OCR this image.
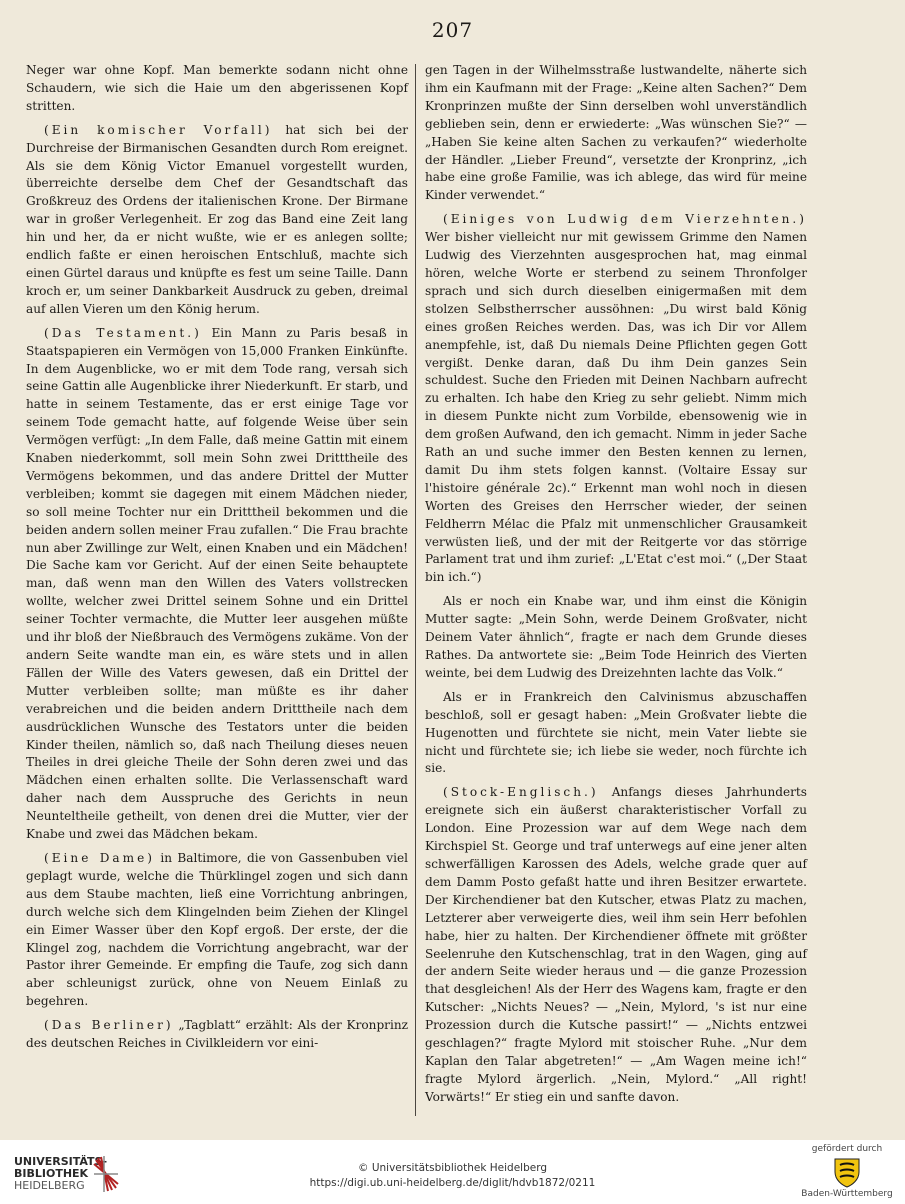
207

Neger war ohne Kopf. Man bemerkte sodann nicht ohne Schaudern, wie sich die Haie um den abgerissenen Kopf stritten.

(Ein komischer Vorfall) hat sich bei der Durchreise der Birmanischen Gesandten durch Rom ereignet. Als sie dem König Victor Emanuel vorgestellt wurden, überreichte derselbe dem Chef der Gesandtschaft das Großkreuz des Ordens der italienischen Krone. Der Birmane war in großer Verlegenheit. Er zog das Band eine Zeit lang hin und her, da er nicht wußte, wie er es anlegen sollte; endlich faßte er einen heroischen Entschluß, machte sich einen Gürtel daraus und knüpfte es fest um seine Taille. Dann kroch er, um seiner Dankbarkeit Ausdruck zu geben, dreimal auf allen Vieren um den König herum.

(Das Testament.) Ein Mann zu Paris besaß in Staatspapieren ein Vermögen von 15,000 Franken Einkünfte. In dem Augenblicke, wo er mit dem Tode rang, versah sich seine Gattin alle Augenblicke ihrer Niederkunft. Er starb, und hatte in seinem Testamente, das er erst einige Tage vor seinem Tode gemacht hatte, auf folgende Weise über sein Vermögen verfügt: „In dem Falle, daß meine Gattin mit einem Knaben niederkommt, soll mein Sohn zwei Dritttheile des Vermögens bekommen, und das andere Drittel der Mutter verbleiben; kommt sie dagegen mit einem Mädchen nieder, so soll meine Tochter nur ein Dritttheil bekommen und die beiden andern sollen meiner Frau zufallen.“ Die Frau brachte nun aber Zwillinge zur Welt, einen Knaben und ein Mädchen! Die Sache kam vor Gericht. Auf der einen Seite behauptete man, daß wenn man den Willen des Vaters vollstrecken wollte, welcher zwei Drittel seinem Sohne und ein Drittel seiner Tochter vermachte, die Mutter leer ausgehen müßte und ihr bloß der Nießbrauch des Vermögens zukäme. Von der andern Seite wandte man ein, es wäre stets und in allen Fällen der Wille des Vaters gewesen, daß ein Drittel der Mutter verbleiben sollte; man müßte es ihr daher verabreichen und die beiden andern Dritttheile nach dem ausdrücklichen Wunsche des Testators unter die beiden Kinder theilen, nämlich so, daß nach Theilung dieses neuen Theiles in drei gleiche Theile der Sohn deren zwei und das Mädchen einen erhalten sollte. Die Verlassenschaft ward daher nach dem Ausspruche des Gerichts in neun Neunteltheile getheilt, von denen drei die Mutter, vier der Knabe und zwei das Mädchen bekam.

(Eine Dame) in Baltimore, die von Gassenbuben viel geplagt wurde, welche die Thürklingel zogen und sich dann aus dem Staube machten, ließ eine Vorrichtung anbringen, durch welche sich dem Klingelnden beim Ziehen der Klingel ein Eimer Wasser über den Kopf ergoß. Der erste, der die Klingel zog, nachdem die Vorrichtung angebracht, war der Pastor ihrer Gemeinde. Er empfing die Taufe, zog sich dann aber schleunigst zurück, ohne von Neuem Einlaß zu begehren.

(Das Berliner) „Tagblatt“ erzählt: Als der Kronprinz des deutschen Reiches in Civilkleidern vor eini-

gen Tagen in der Wilhelmsstraße lustwandelte, näherte sich ihm ein Kaufmann mit der Frage: „Keine alten Sachen?“ Dem Kronprinzen mußte der Sinn derselben wohl unverständlich geblieben sein, denn er erwiederte: „Was wünschen Sie?“ — „Haben Sie keine alten Sachen zu verkaufen?“ wiederholte der Händler. „Lieber Freund“, versetzte der Kronprinz, „ich habe eine große Familie, was ich ablege, das wird für meine Kinder verwendet.“

(Einiges von Ludwig dem Vierzehnten.) Wer bisher vielleicht nur mit gewissem Grimme den Namen Ludwig des Vierzehnten ausgesprochen hat, mag einmal hören, welche Worte er sterbend zu seinem Thronfolger sprach und sich durch dieselben einigermaßen mit dem stolzen Selbstherrscher aussöhnen: „Du wirst bald König eines großen Reiches werden. Das, was ich Dir vor Allem anempfehle, ist, daß Du niemals Deine Pflichten gegen Gott vergißt. Denke daran, daß Du ihm Dein ganzes Sein schuldest. Suche den Frieden mit Deinen Nachbarn aufrecht zu erhalten. Ich habe den Krieg zu sehr geliebt. Nimm mich in diesem Punkte nicht zum Vorbilde, ebensowenig wie in dem großen Aufwand, den ich gemacht. Nimm in jeder Sache Rath an und suche immer den Besten kennen zu lernen, damit Du ihm stets folgen kannst. (Voltaire Essay sur l'histoire générale 2c).“ Erkennt man wohl noch in diesen Worten des Greises den Herrscher wieder, der seinen Feldherrn Mélac die Pfalz mit unmenschlicher Grausamkeit verwüsten ließ, und der mit der Reitgerte vor das störrige Parlament trat und ihm zurief: „L'Etat c'est moi.“ („Der Staat bin ich.“)

Als er noch ein Knabe war, und ihm einst die Königin Mutter sagte: „Mein Sohn, werde Deinem Großvater, nicht Deinem Vater ähnlich“, fragte er nach dem Grunde dieses Rathes. Da antwortete sie: „Beim Tode Heinrich des Vierten weinte, bei dem Ludwig des Dreizehnten lachte das Volk.“

Als er in Frankreich den Calvinismus abzuschaffen beschloß, soll er gesagt haben: „Mein Großvater liebte die Hugenotten und fürchtete sie nicht, mein Vater liebte sie nicht und fürchtete sie; ich liebe sie weder, noch fürchte ich sie.

(Stock-Englisch.) Anfangs dieses Jahrhunderts ereignete sich ein äußerst charakteristischer Vorfall zu London. Eine Prozession war auf dem Wege nach dem Kirchspiel St. George und traf unterwegs auf eine jener alten schwerfälligen Karossen des Adels, welche grade quer auf dem Damm Posto gefaßt hatte und ihren Besitzer erwartete. Der Kirchendiener bat den Kutscher, etwas Platz zu machen, Letzterer aber verweigerte dies, weil ihm sein Herr befohlen habe, hier zu halten. Der Kirchendiener öffnete mit größter Seelenruhe den Kutschenschlag, trat in den Wagen, ging auf der andern Seite wieder heraus und — die ganze Prozession that desgleichen! Als der Herr des Wagens kam, fragte er den Kutscher: „Nichts Neues? — „Nein, Mylord, 's ist nur eine Prozession durch die Kutsche passirt!“ — „Nichts entzwei geschlagen?“ fragte Mylord mit stoischer Ruhe. „Nur dem Kaplan den Talar abgetreten!“ — „Am Wagen meine ich!“ fragte Mylord ärgerlich. „Nein, Mylord.“ „All right! Vorwärts!“ Er stieg ein und sanfte davon.

UNIVERSITÄTS-
BIBLIOTHEK
HEIDELBERG
© Universitätsbibliothek Heidelberg
https://digi.ub.uni-heidelberg.de/diglit/hdvb1872/0211
gefördert durch
Baden-Württemberg
